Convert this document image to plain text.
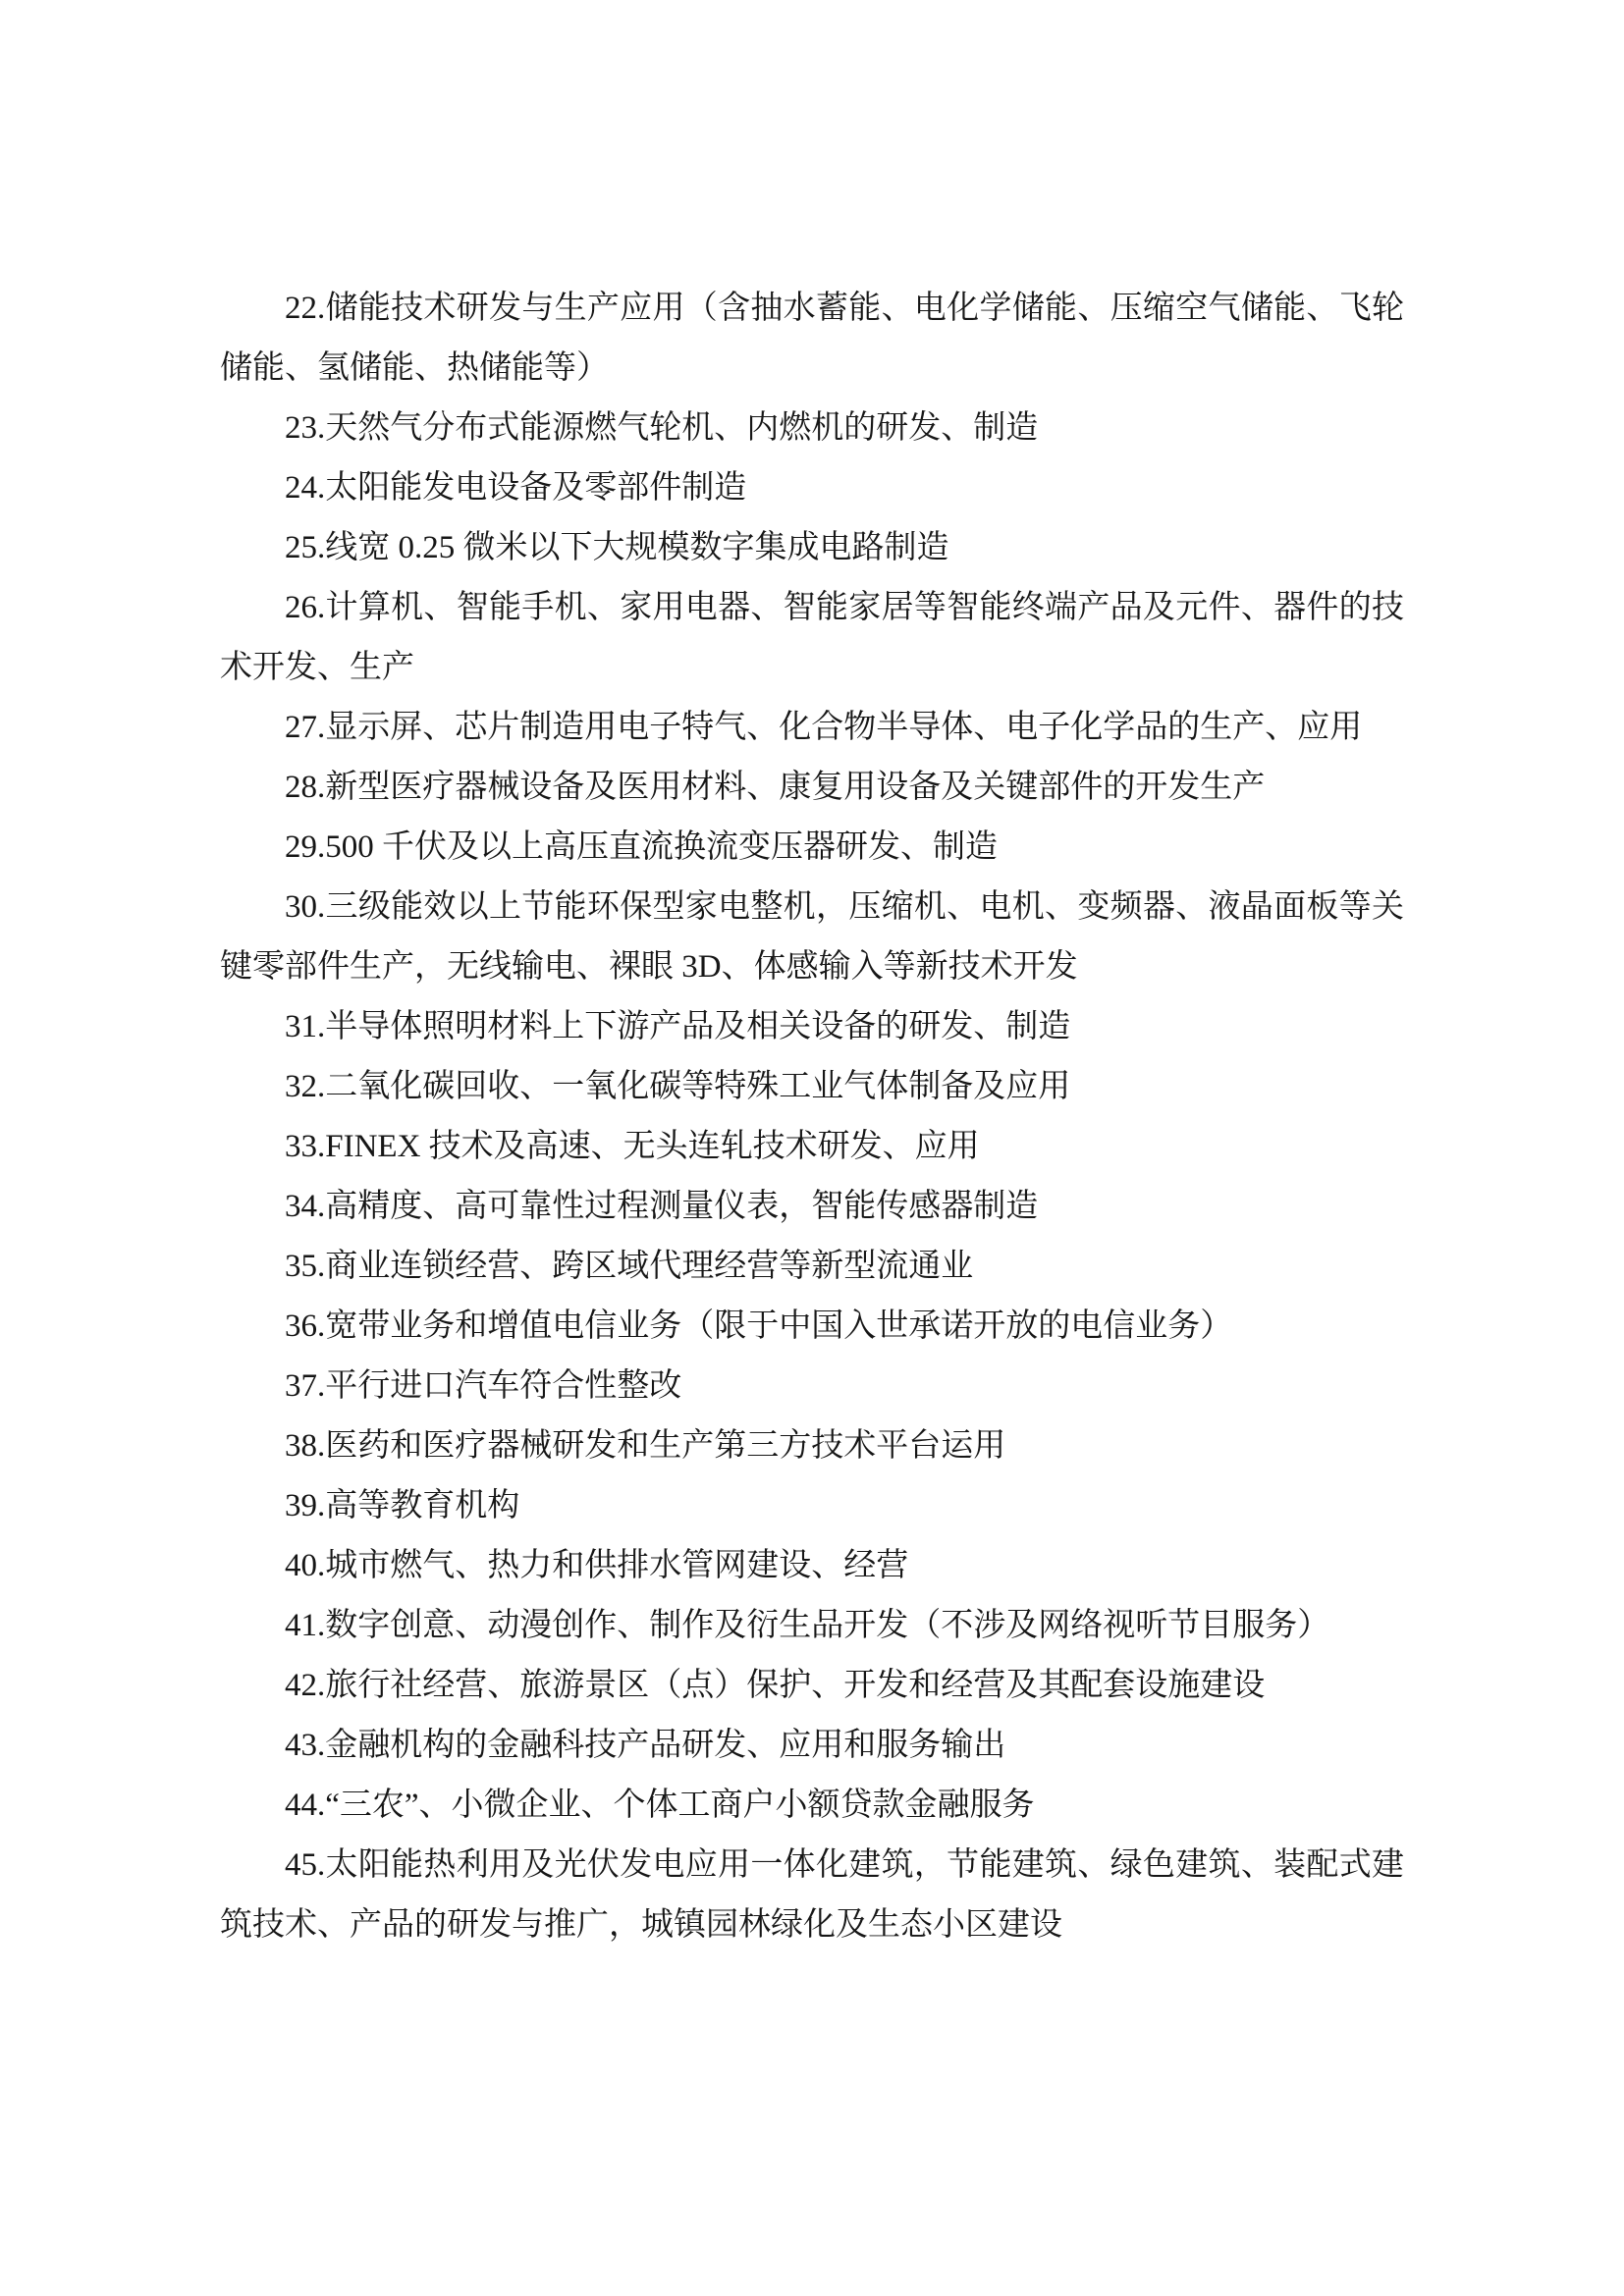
22.储能技术研发与生产应用（含抽水蓄能、电化学储能、压缩空气储能、飞轮储能、氢储能、热储能等）

23.天然气分布式能源燃气轮机、内燃机的研发、制造

24.太阳能发电设备及零部件制造

25.线宽 0.25 微米以下大规模数字集成电路制造

26.计算机、智能手机、家用电器、智能家居等智能终端产品及元件、器件的技术开发、生产

27.显示屏、芯片制造用电子特气、化合物半导体、电子化学品的生产、应用

28.新型医疗器械设备及医用材料、康复用设备及关键部件的开发生产

29.500 千伏及以上高压直流换流变压器研发、制造

30.三级能效以上节能环保型家电整机，压缩机、电机、变频器、液晶面板等关键零部件生产，无线输电、裸眼 3D、体感输入等新技术开发

31.半导体照明材料上下游产品及相关设备的研发、制造

32.二氧化碳回收、一氧化碳等特殊工业气体制备及应用

33.FINEX 技术及高速、无头连轧技术研发、应用

34.高精度、高可靠性过程测量仪表，智能传感器制造

35.商业连锁经营、跨区域代理经营等新型流通业

36.宽带业务和增值电信业务（限于中国入世承诺开放的电信业务）

37.平行进口汽车符合性整改

38.医药和医疗器械研发和生产第三方技术平台运用

39.高等教育机构

40.城市燃气、热力和供排水管网建设、经营

41.数字创意、动漫创作、制作及衍生品开发（不涉及网络视听节目服务）

42.旅行社经营、旅游景区（点）保护、开发和经营及其配套设施建设

43.金融机构的金融科技产品研发、应用和服务输出

44.“三农”、小微企业、个体工商户小额贷款金融服务

45.太阳能热利用及光伏发电应用一体化建筑，节能建筑、绿色建筑、装配式建筑技术、产品的研发与推广，城镇园林绿化及生态小区建设
